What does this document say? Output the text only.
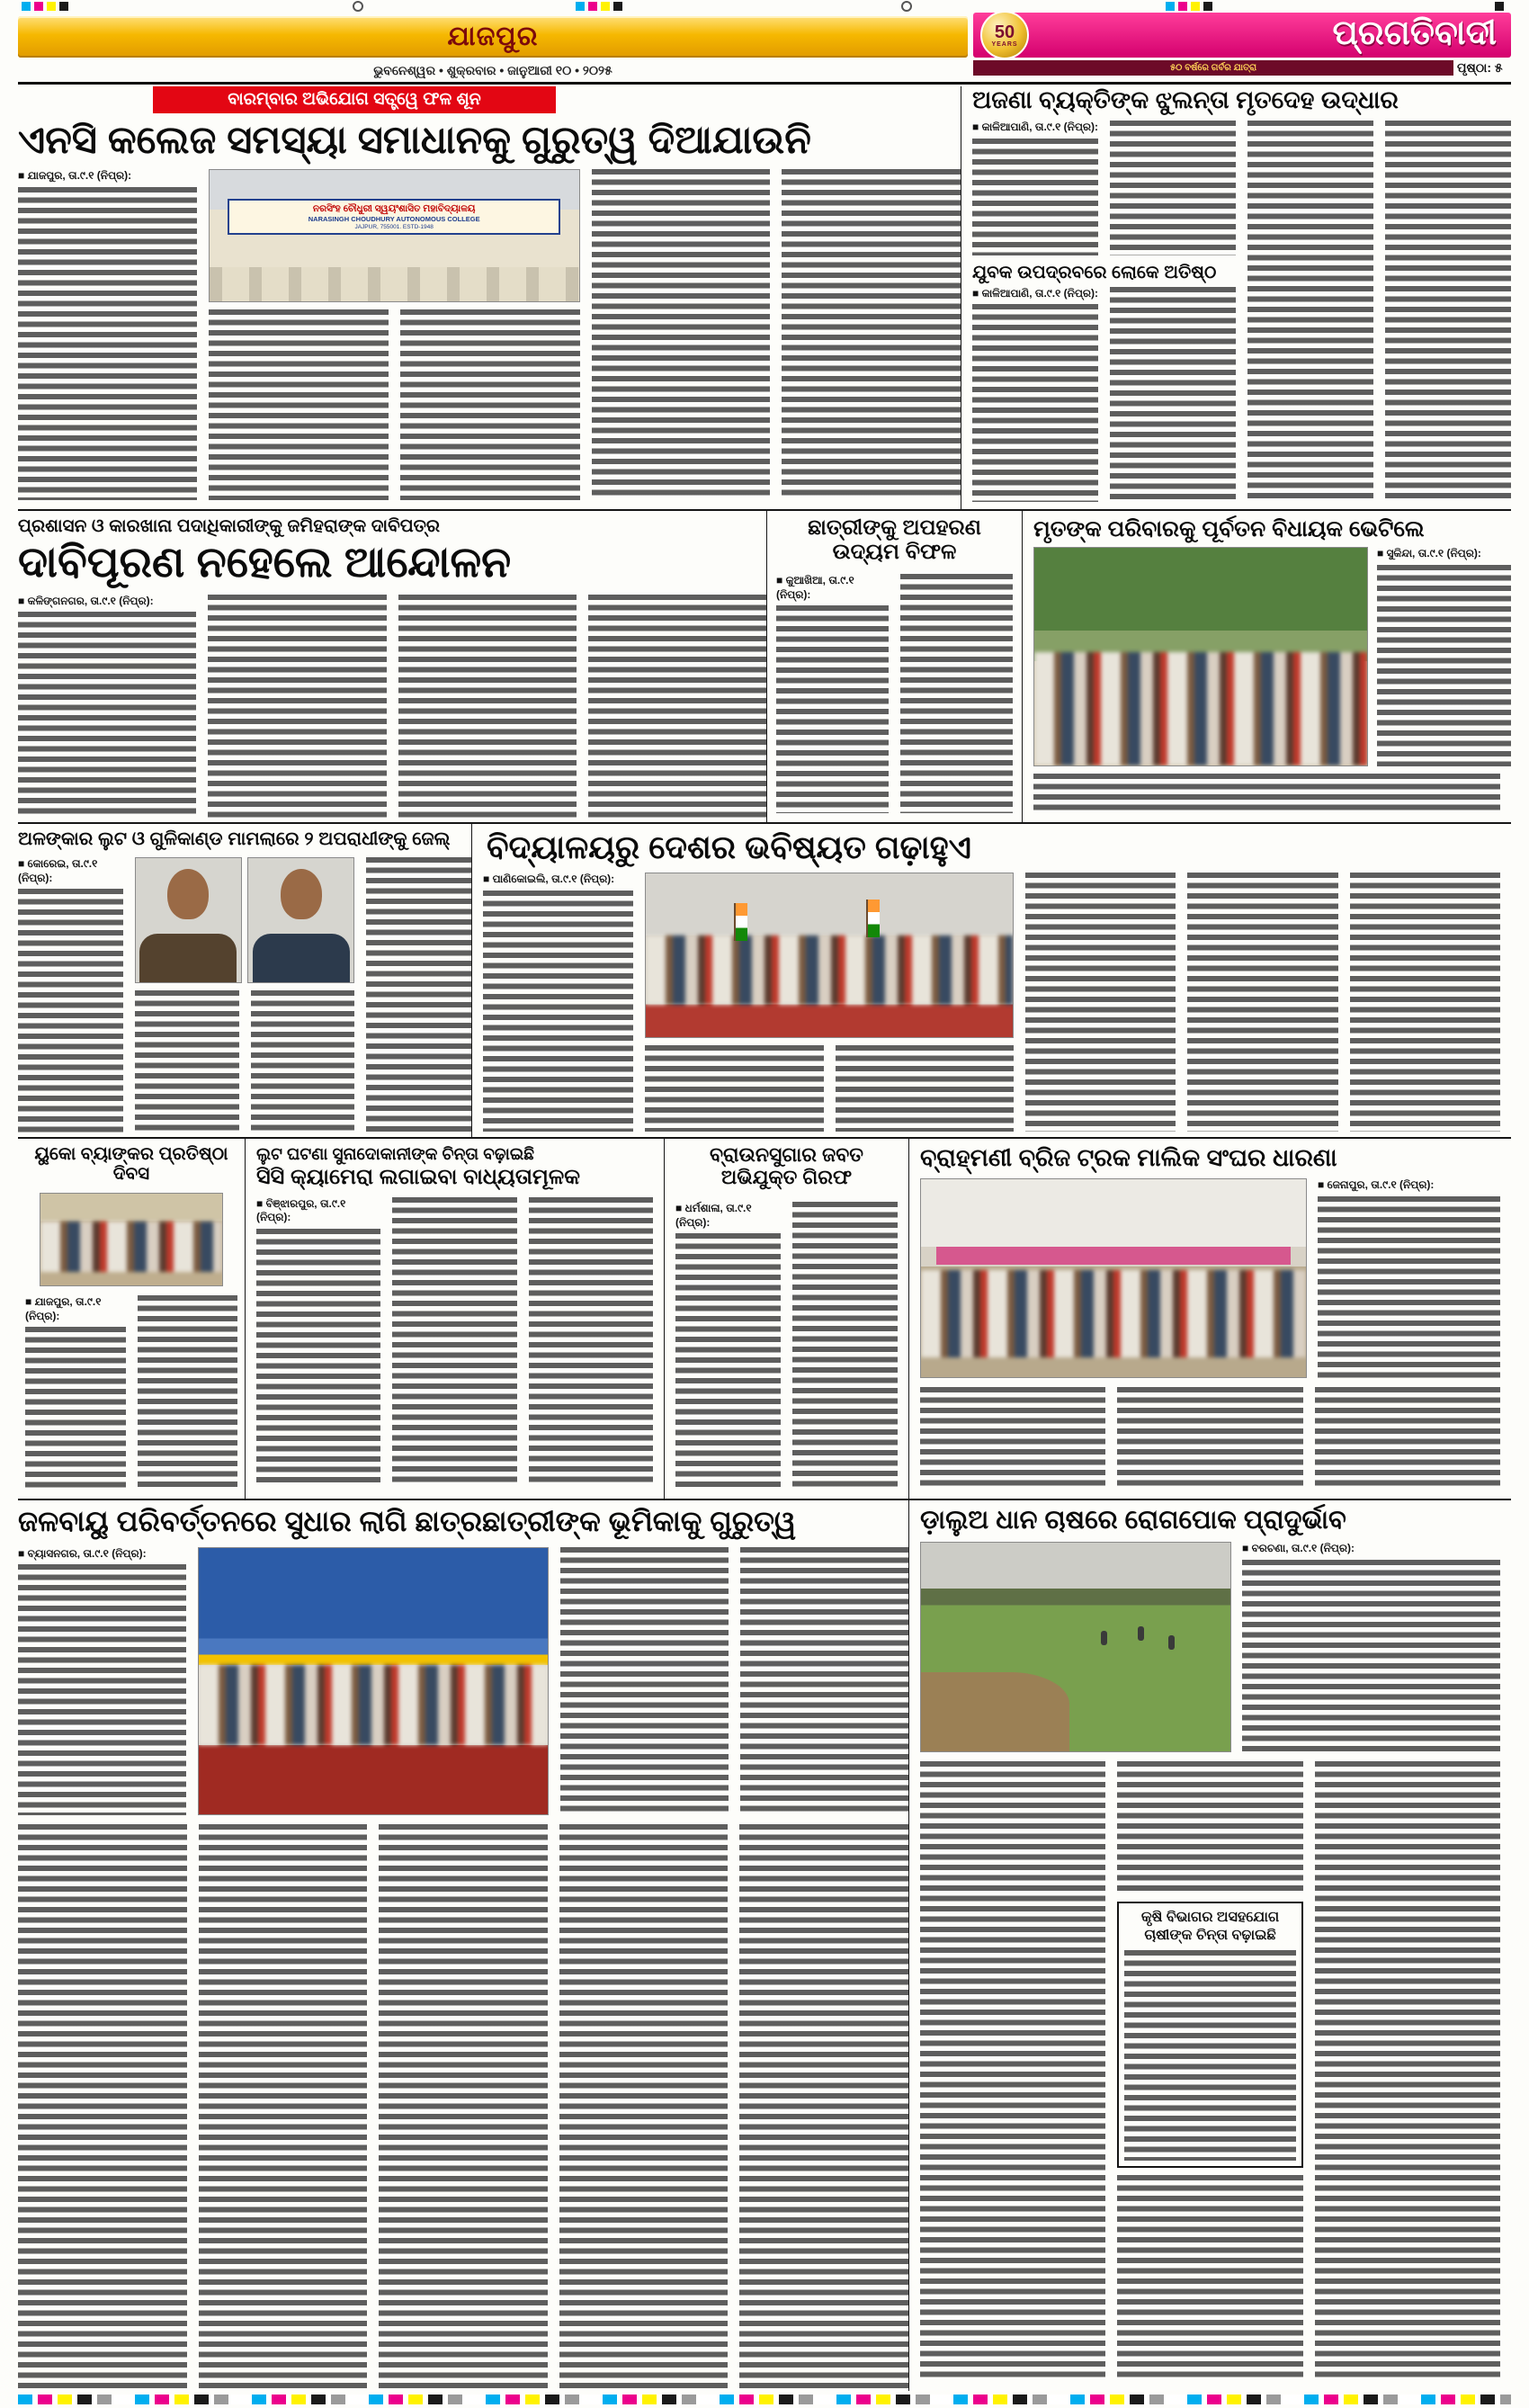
ଯାଜପୁର	50
YEARS	ପ୍ରଗତିବାଦୀ
୫୦ ବର୍ଷରେ ଗର୍ବର ଯାତ୍ରା	ପୃଷ୍ଠା: ୫
ଭୁବନେଶ୍ୱର • ଶୁକ୍ରବାର • ଜାନୁଆରୀ ୧୦ • ୨୦୨୫
ବାରମ୍ବାର ଅଭିଯୋଗ ସତ୍ତ୍ୱେ ଫଳ ଶୂନ
ଏନସି କଲେଜ ସମସ୍ୟା ସମାଧାନକୁ ଗୁରୁତ୍ୱ ଦିଆଯାଉନି
■ ଯାଜପୁର, ତା.୯.୧ (ନିପ୍ର):
ନରସିଂହ ଚୌଧୁରୀ ସ୍ୱୟଂଶାସିତ ମହାବିଦ୍ୟାଳୟ
NARASINGH CHOUDHURY AUTONOMOUS COLLEGE
JAJPUR, 755001. ESTD-1948
ଅଜଣା ବ୍ୟକ୍ତିଙ୍କ ଝୁଲନ୍ତା ମୃତଦେହ ଉଦ୍ଧାର
■ କାଳିଆପାଣି, ତା.୯.୧ (ନିପ୍ର):
ଯୁବକ ଉପଦ୍ରବରେ ଲୋକେ ଅତିଷ୍ଠ
■ କାଳିଆପାଣି, ତା.୯.୧ (ନିପ୍ର):
ପ୍ରଶାସନ ଓ କାରଖାନା ପଦାଧିକାରୀଙ୍କୁ ଜମିହରାଙ୍କ ଦାବିପତ୍ର
ଦାବିପୂରଣ ନହେଲେ ଆନ୍ଦୋଳନ
■ କଳିଙ୍ଗନଗର, ତା.୯.୧ (ନିପ୍ର):
ଛାତ୍ରୀଙ୍କୁ ଅପହରଣ ଉଦ୍ୟମ ବିଫଳ
■ କୁଆଖିଆ, ତା.୯.୧ (ନିପ୍ର):
ମୃତଙ୍କ ପରିବାରକୁ ପୂର୍ବତନ ବିଧାୟକ ଭେଟିଲେ
■ ସୁକିନ୍ଦା, ତା.୯.୧ (ନିପ୍ର):
ଅଳଙ୍କାର ଲୁଟ ଓ ଗୁଳିକାଣ୍ଡ ମାମଲାରେ ୨ ଅପରାଧୀଙ୍କୁ ଜେଲ୍
■ କୋରେଇ, ତା.୯.୧ (ନିପ୍ର):
ବିଦ୍ୟାଳୟରୁ ଦେଶର ଭବିଷ୍ୟତ ଗଢ଼ାହୁଏ
■ ପାଣିକୋଇଲି, ତା.୯.୧ (ନିପ୍ର):
ୟୁକୋ ବ୍ୟାଙ୍କର ପ୍ରତିଷ୍ଠା ଦିବସ
■ ଯାଜପୁର, ତା.୯.୧ (ନିପ୍ର):
ଲୁଟ ଘଟଣା ସୁନାଦୋକାନୀଙ୍କ ଚିନ୍ତା ବଢ଼ାଇଛି
ସିସି କ୍ୟାମେରା ଲଗାଇବା ବାଧ୍ୟତାମୂଳକ
■ ବିଞ୍ଝାରପୁର, ତା.୯.୧ (ନିପ୍ର):
ବ୍ରାଉନସୁଗାର ଜବତ ଅଭିଯୁକ୍ତ ଗିରଫ
■ ଧର୍ମଶାଳା, ତା.୯.୧ (ନିପ୍ର):
ବ୍ରାହ୍ମଣୀ ବ୍ରିଜ ଟ୍ରକ ମାଲିକ ସଂଘର ଧାରଣା
■ ଜେନାପୁର, ତା.୯.୧ (ନିପ୍ର):
ଜଳବାୟୁ ପରିବର୍ତ୍ତନରେ ସୁଧାର ଲାଗି ଛାତ୍ରଛାତ୍ରୀଙ୍କ ଭୂମିକାକୁ ଗୁରୁତ୍ୱ
■ ବ୍ୟାସନଗର, ତା.୯.୧ (ନିପ୍ର):
ଡ଼ାଲୁଅ ଧାନ ଚାଷରେ ରୋଗପୋକ ପ୍ରାଦୁର୍ଭାବ
■ ବରଚଣା, ତା.୯.୧ (ନିପ୍ର):
କୃଷି ବିଭାଗର ଅସହଯୋଗ ଚାଷୀଙ୍କ ଚିନ୍ତା ବଢ଼ାଇଛି
